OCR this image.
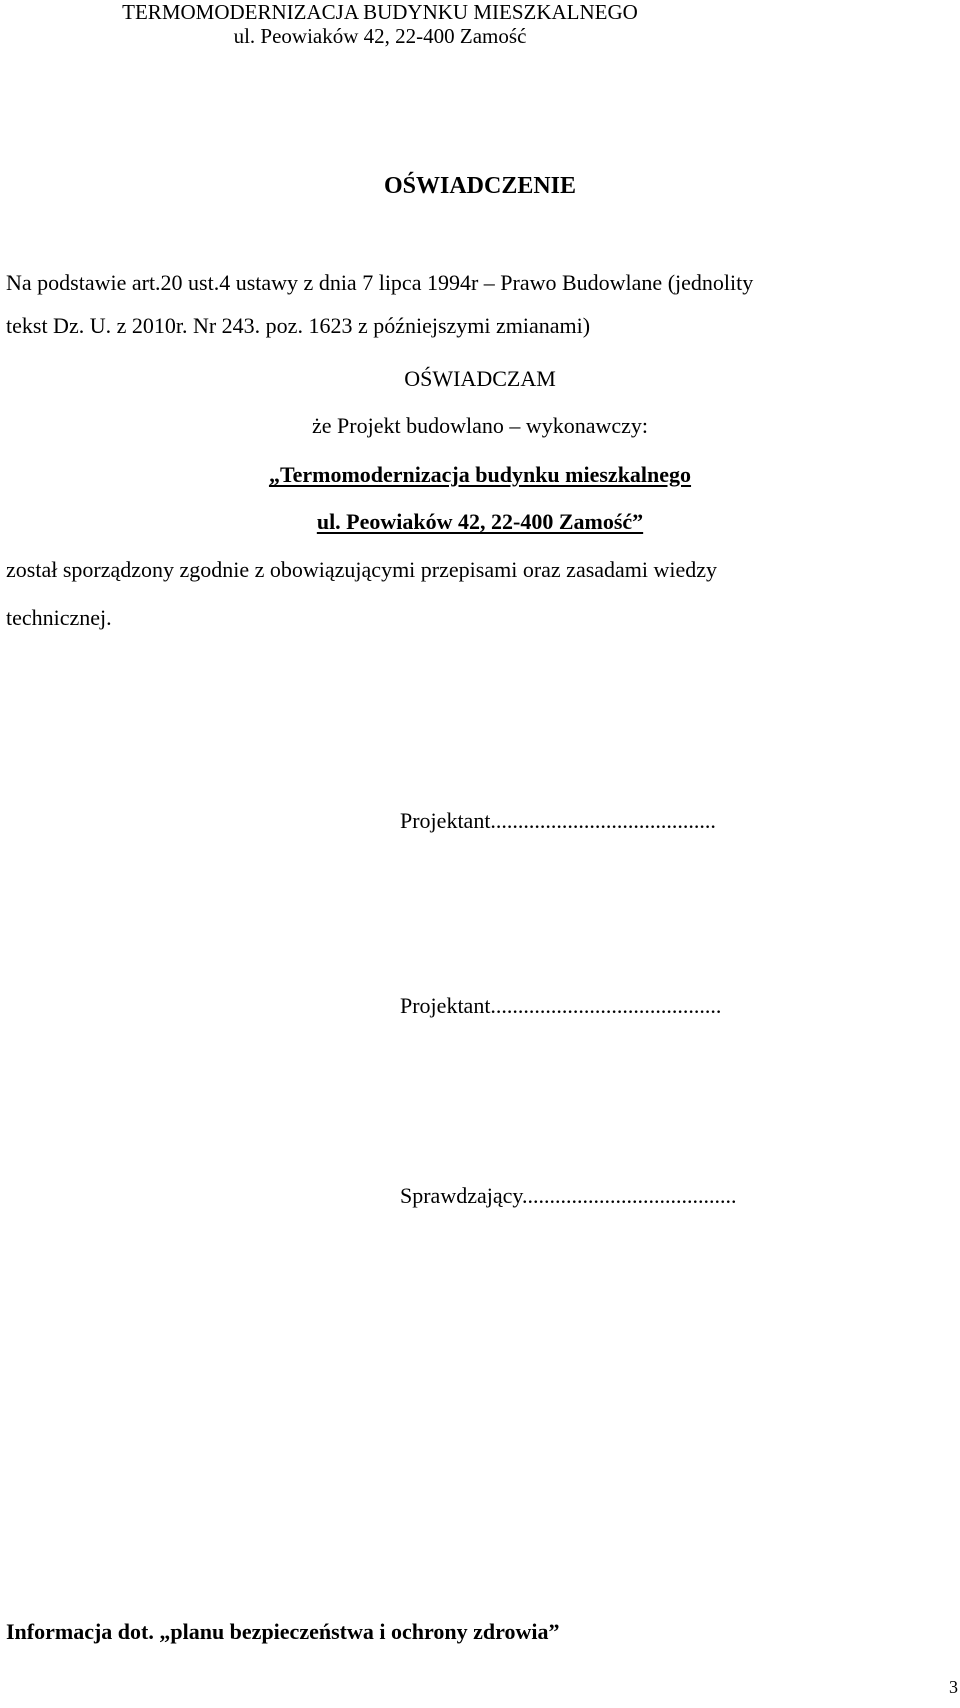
TERMOMODERNIZACJA BUDYNKU MIESZKALNEGO
ul. Peowiaków 42, 22-400 Zamość
OŚWIADCZENIE
Na podstawie art.20 ust.4 ustawy z dnia 7 lipca 1994r – Prawo Budowlane (jednolity
tekst Dz. U. z 2010r. Nr 243. poz. 1623 z późniejszymi zmianami)
OŚWIADCZAM
że Projekt budowlano – wykonawczy:
„Termomodernizacja budynku mieszkalnego
ul. Peowiaków 42, 22-400 Zamość”
został sporządzony zgodnie z obowiązującymi przepisami oraz zasadami wiedzy
technicznej.
Projektant.........................................
Projektant..........................................
Sprawdzający.......................................
Informacja dot. „planu bezpieczeństwa i ochrony zdrowia”
3
